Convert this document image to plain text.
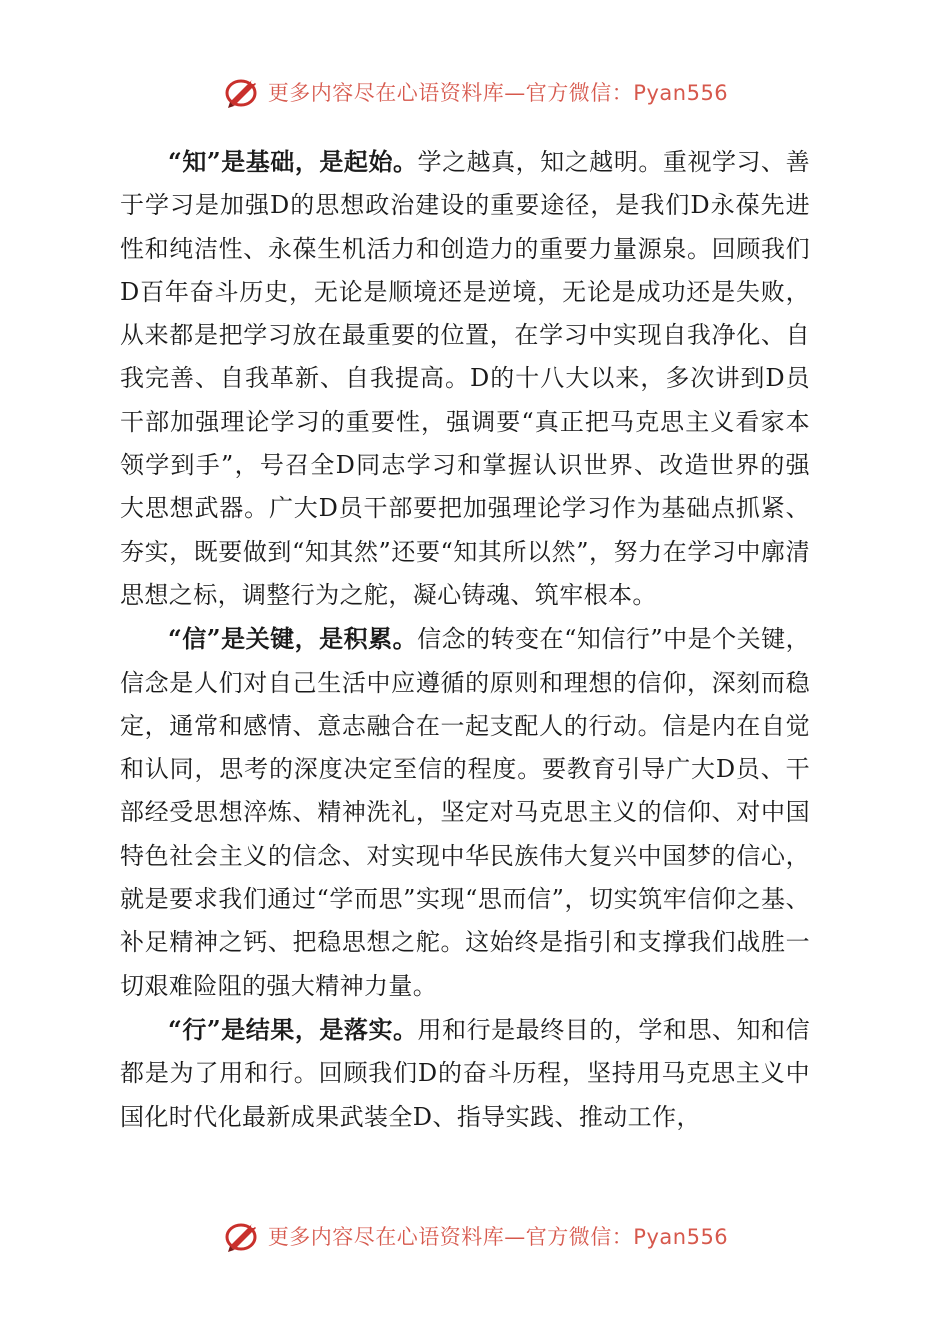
更多内容尽在心语资料库—官方微信：Pyan556

“知”是基础，是起始。学之越真，知之越明。重视学习、善于学习是加强D的思想政治建设的重要途径，是我们D永葆先进性和纯洁性、永葆生机活力和创造力的重要力量源泉。回顾我们D百年奋斗历史，无论是顺境还是逆境，无论是成功还是失败，从来都是把学习放在最重要的位置，在学习中实现自我净化、自我完善、自我革新、自我提高。D的十八大以来，多次讲到D员干部加强理论学习的重要性，强调要“真正把马克思主义看家本领学到手”，号召全D同志学习和掌握认识世界、改造世界的强大思想武器。广大D员干部要把加强理论学习作为基础点抓紧、夯实，既要做到“知其然”还要“知其所以然”，努力在学习中廓清思想之标，调整行为之舵，凝心铸魂、筑牢根本。

“信”是关键，是积累。信念的转变在“知信行”中是个关键，信念是人们对自己生活中应遵循的原则和理想的信仰，深刻而稳定，通常和感情、意志融合在一起支配人的行动。信是内在自觉和认同，思考的深度决定至信的程度。要教育引导广大D员、干部经受思想淬炼、精神洗礼，坚定对马克思主义的信仰、对中国特色社会主义的信念、对实现中华民族伟大复兴中国梦的信心，就是要求我们通过“学而思”实现“思而信”，切实筑牢信仰之基、补足精神之钙、把稳思想之舵。这始终是指引和支撑我们战胜一切艰难险阻的强大精神力量。

“行”是结果，是落实。用和行是最终目的，学和思、知和信都是为了用和行。回顾我们D的奋斗历程，坚持用马克思主义中国化时代化最新成果武装全D、指导实践、推动工作，

更多内容尽在心语资料库—官方微信：Pyan556
